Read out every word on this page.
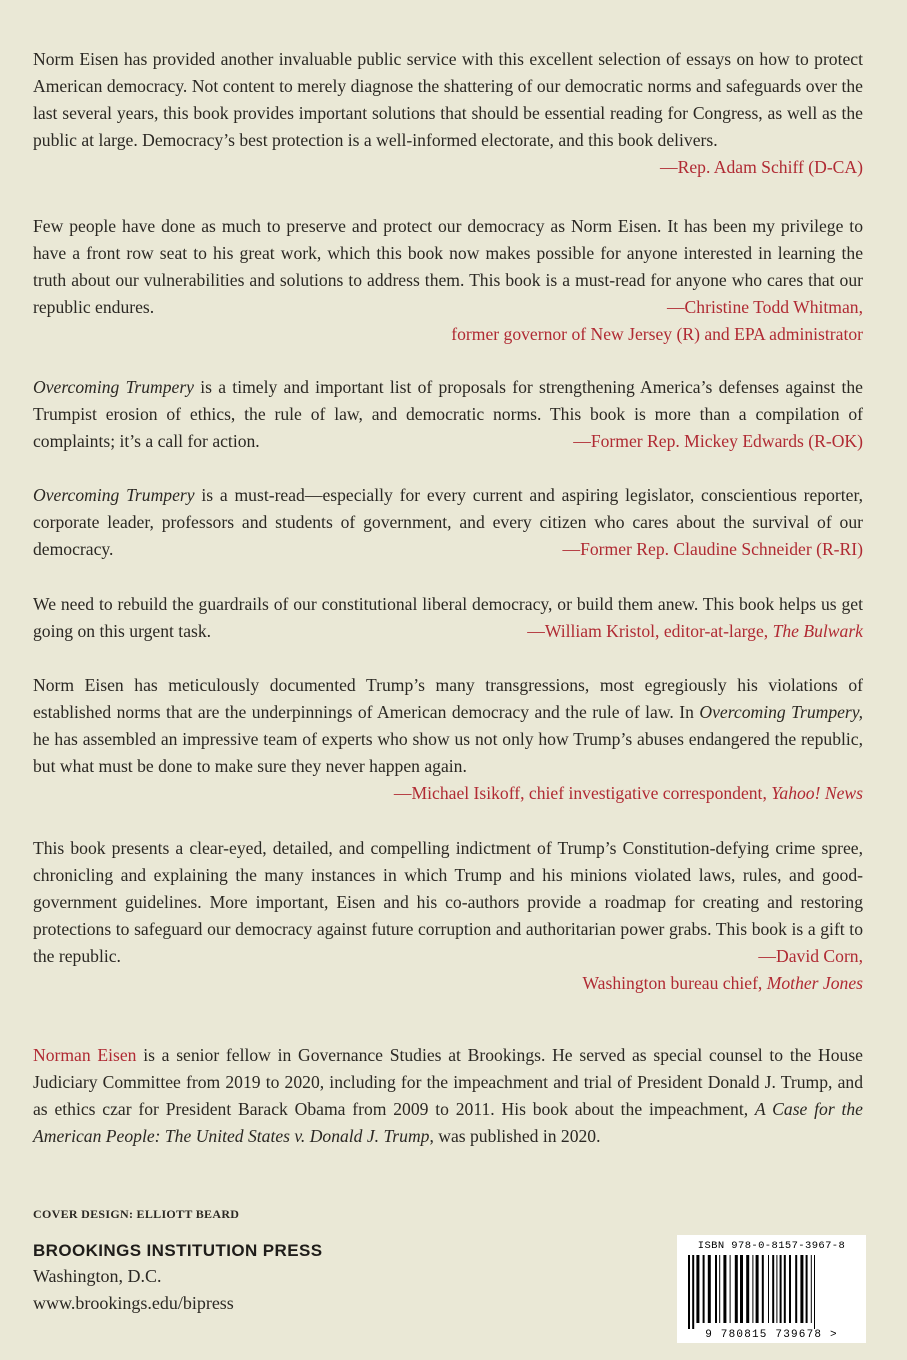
Norm Eisen has provided another invaluable public service with this excellent selection of essays on how to protect American democracy. Not content to merely diagnose the shattering of our democratic norms and safeguards over the last several years, this book provides important solutions that should be essential reading for Congress, as well as the public at large. Democracy’s best protection is a well-informed electorate, and this book delivers.
—Rep. Adam Schiff (D-CA)
Few people have done as much to preserve and protect our democracy as Norm Eisen. It has been my privilege to have a front row seat to his great work, which this book now makes possible for anyone interested in learning the truth about our vulnerabilities and solutions to address them. This book is a must-read for anyone who cares that our republic endures.	—Christine Todd Whitman,
former governor of New Jersey (R) and EPA administrator
Overcoming Trumpery is a timely and important list of proposals for strengthening America’s defenses against the Trumpist erosion of ethics, the rule of law, and democratic norms. This book is more than a compilation of complaints; it’s a call for action.	—Former Rep. Mickey Edwards (R-OK)
Overcoming Trumpery is a must-read—especially for every current and aspiring legislator, conscientious reporter, corporate leader, professors and students of government, and every citizen who cares about the survival of our democracy.	—Former Rep. Claudine Schneider (R-RI)
We need to rebuild the guardrails of our constitutional liberal democracy, or build them anew. This book helps us get going on this urgent task.	—William Kristol, editor-at-large, The Bulwark
Norm Eisen has meticulously documented Trump’s many transgressions, most egregiously his violations of established norms that are the underpinnings of American democracy and the rule of law. In Overcoming Trumpery, he has assembled an impressive team of experts who show us not only how Trump’s abuses endangered the republic, but what must be done to make sure they never happen again.
—Michael Isikoff, chief investigative correspondent, Yahoo! News
This book presents a clear-eyed, detailed, and compelling indictment of Trump’s Constitution-defying crime spree, chronicling and explaining the many instances in which Trump and his minions violated laws, rules, and good-government guidelines. More important, Eisen and his co-authors provide a roadmap for creating and restoring protections to safeguard our democracy against future corruption and authoritarian power grabs. This book is a gift to the republic.	—David Corn,
Washington bureau chief, Mother Jones
Norman Eisen is a senior fellow in Governance Studies at Brookings. He served as special counsel to the House Judiciary Committee from 2019 to 2020, including for the impeachment and trial of President Donald J. Trump, and as ethics czar for President Barack Obama from 2009 to 2011. His book about the impeachment, A Case for the American People: The United States v. Donald J. Trump, was published in 2020.
COVER DESIGN: ELLIOTT BEARD
BROOKINGS INSTITUTION PRESS
Washington, D.C.
www.brookings.edu/bipress
ISBN 978-0-8157-3967-8
9 780815 739678 >
